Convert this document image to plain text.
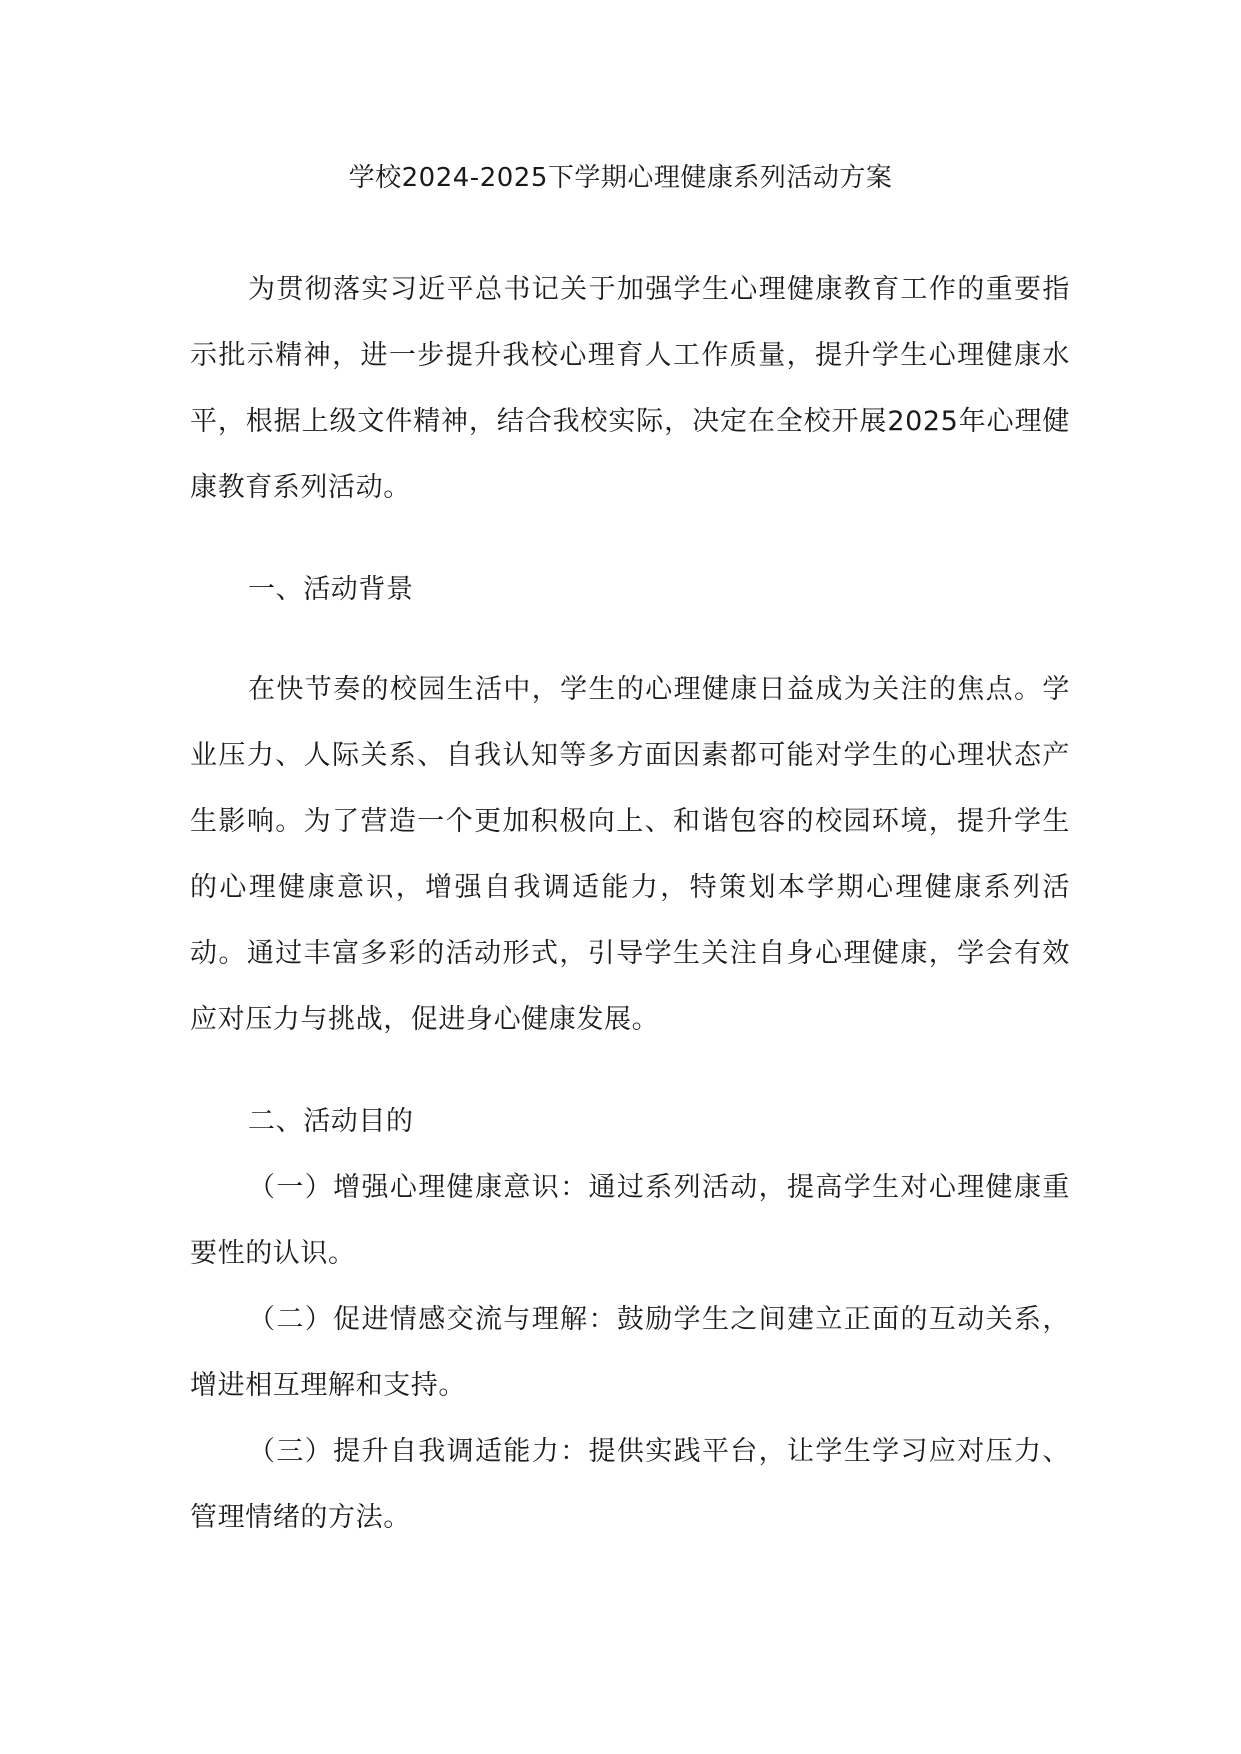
学校2024-2025下学期心理健康系列活动方案

为贯彻落实习近平总书记关于加强学生心理健康教育工作的重要指示批示精神，进一步提升我校心理育人工作质量，提升学生心理健康水平，根据上级文件精神，结合我校实际，决定在全校开展2025年心理健康教育系列活动。

一、活动背景

在快节奏的校园生活中，学生的心理健康日益成为关注的焦点。学业压力、人际关系、自我认知等多方面因素都可能对学生的心理状态产生影响。为了营造一个更加积极向上、和谐包容的校园环境，提升学生的心理健康意识，增强自我调适能力，特策划本学期心理健康系列活动。通过丰富多彩的活动形式，引导学生关注自身心理健康，学会有效应对压力与挑战，促进身心健康发展。

二、活动目的

（一）增强心理健康意识：通过系列活动，提高学生对心理健康重要性的认识。

（二）促进情感交流与理解：鼓励学生之间建立正面的互动关系，增进相互理解和支持。

（三）提升自我调适能力：提供实践平台，让学生学习应对压力、管理情绪的方法。
